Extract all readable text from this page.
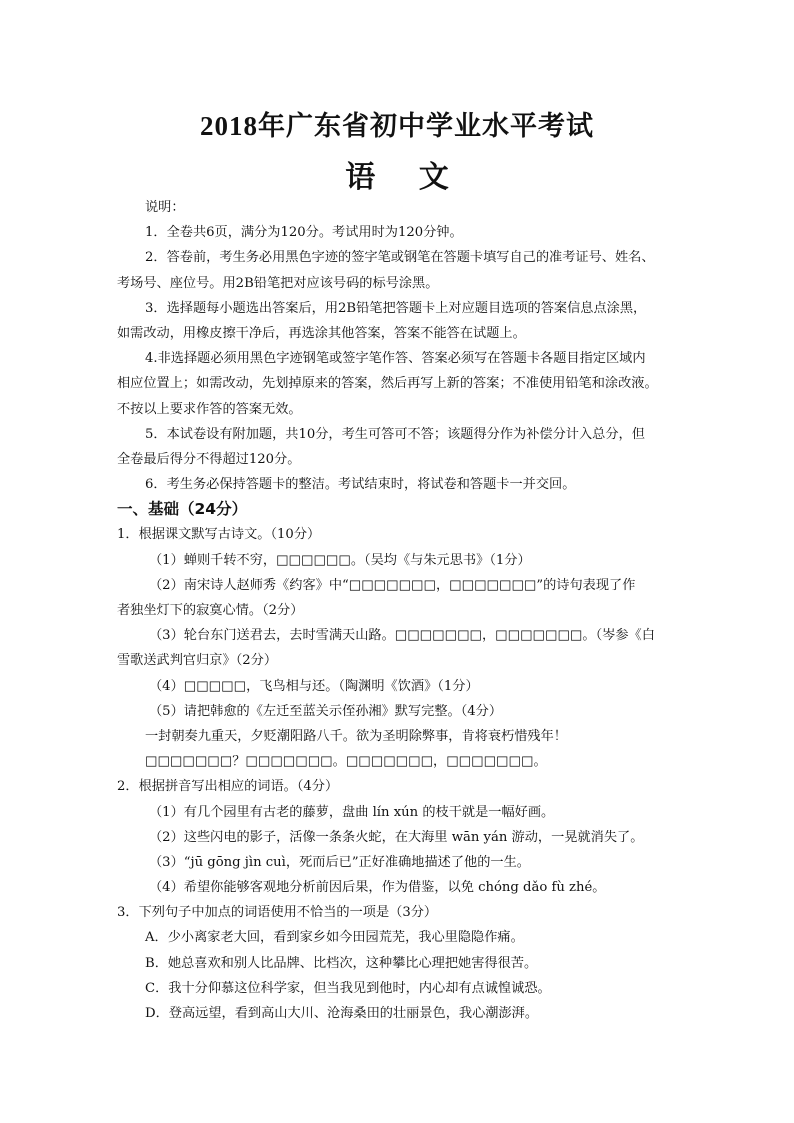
2018年广东省初中学业水平考试
语 文
说明：
1．全卷共6页，满分为120分。考试用时为120分钟。
2．答卷前，考生务必用黑色字迹的签字笔或钢笔在答题卡填写自己的准考证号、姓名、
考场号、座位号。用2B铅笔把对应该号码的标号涂黑。
3．选择题每小题选出答案后，用2B铅笔把答题卡上对应题目选项的答案信息点涂黑，
如需改动，用橡皮擦干净后，再选涂其他答案，答案不能答在试题上。
4.非选择题必须用黑色字迹钢笔或签字笔作答、答案必须写在答题卡各题目指定区域内
相应位置上；如需改动，先划掉原来的答案，然后再写上新的答案；不准使用铅笔和涂改液。
不按以上要求作答的答案无效。
5．本试卷设有附加题，共10分，考生可答可不答；该题得分作为补偿分计入总分，但
全卷最后得分不得超过120分。
6．考生务必保持答题卡的整洁。考试结束时，将试卷和答题卡一并交回。
一、基础（24分）
1．根据课文默写古诗文。（10分）
（1）蝉则千转不穷，□□□□□□。（吴均《与朱元思书》（1分）
（2）南宋诗人赵师秀《约客》中“□□□□□□□，□□□□□□□”的诗句表现了作
者独坐灯下的寂寞心情。（2分）
（3）轮台东门送君去，去时雪满天山路。□□□□□□□，□□□□□□□。（岑参《白
雪歌送武判官归京》（2分）
（4）□□□□□，飞鸟相与还。（陶渊明《饮酒》（1分）
（5）请把韩愈的《左迁至蓝关示侄孙湘》默写完整。（4分）
一封朝奏九重天，夕贬潮阳路八千。欲为圣明除弊事，肯将衰朽惜残年！
□□□□□□□？□□□□□□□。□□□□□□□，□□□□□□□。
2．根据拼音写出相应的词语。（4分）
（1）有几个园里有古老的藤萝，盘曲 lín xún 的枝干就是一幅好画。
（2）这些闪电的影子，活像一条条火蛇，在大海里 wān yán 游动，一晃就消失了。
（3）“jū gōng jìn cuì，死而后已”正好准确地描述了他的一生。
（4）希望你能够客观地分析前因后果，作为借鉴，以免 chóng dǎo fù zhé。
3．下列句子中加点的词语使用不恰当的一项是（3分）
A．少小离家老大回，看到家乡如今田园荒芜，我心里隐隐作痛。
B．她总喜欢和别人比品牌、比档次，这种攀比心理把她害得很苦。
C．我十分仰慕这位科学家，但当我见到他时，内心却有点诚惶诚恐。
D．登高远望，看到高山大川、沧海桑田的壮丽景色，我心潮澎湃。
